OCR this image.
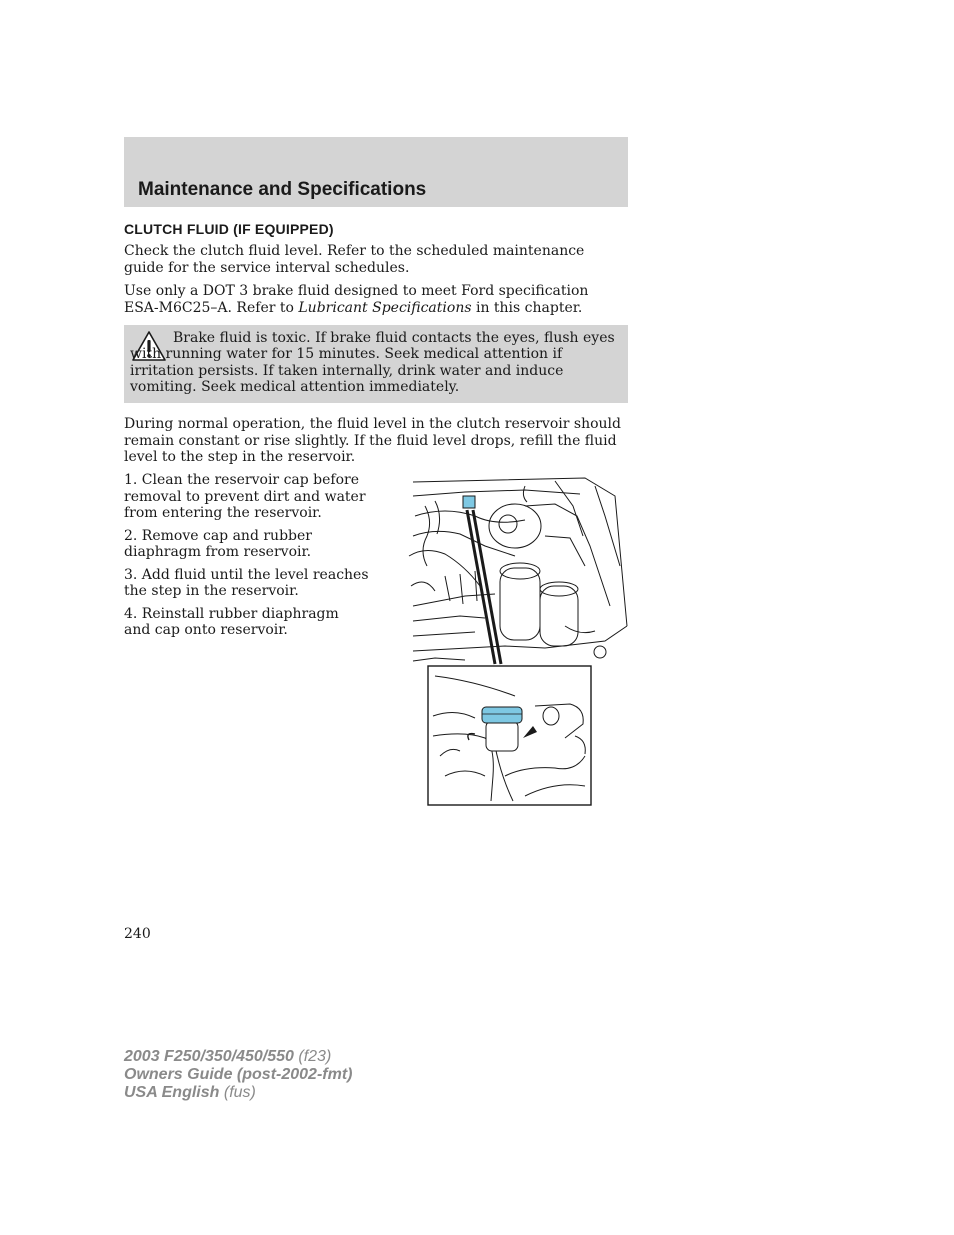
Maintenance and Specifications
CLUTCH FLUID (IF EQUIPPED)

Check the clutch fluid level. Refer to the scheduled maintenance guide for the service interval schedules.

Use only a DOT 3 brake fluid designed to meet Ford specification ESA-M6C25–A. Refer to Lubricant Specifications in this chapter.

Brake fluid is toxic. If brake fluid contacts the eyes, flush eyes with running water for 15 minutes. Seek medical attention if irritation persists. If taken internally, drink water and induce vomiting. Seek medical attention immediately.

During normal operation, the fluid level in the clutch reservoir should remain constant or rise slightly. If the fluid level drops, refill the fluid level to the step in the reservoir.

1. Clean the reservoir cap before removal to prevent dirt and water from entering the reservoir.
2. Remove cap and rubber diaphragm from reservoir.
3. Add fluid until the level reaches the step in the reservoir.
4. Reinstall rubber diaphragm and cap onto reservoir.

240

2003 F250/350/450/550 (f23)
Owners Guide (post-2002-fmt)
USA English (fus)
